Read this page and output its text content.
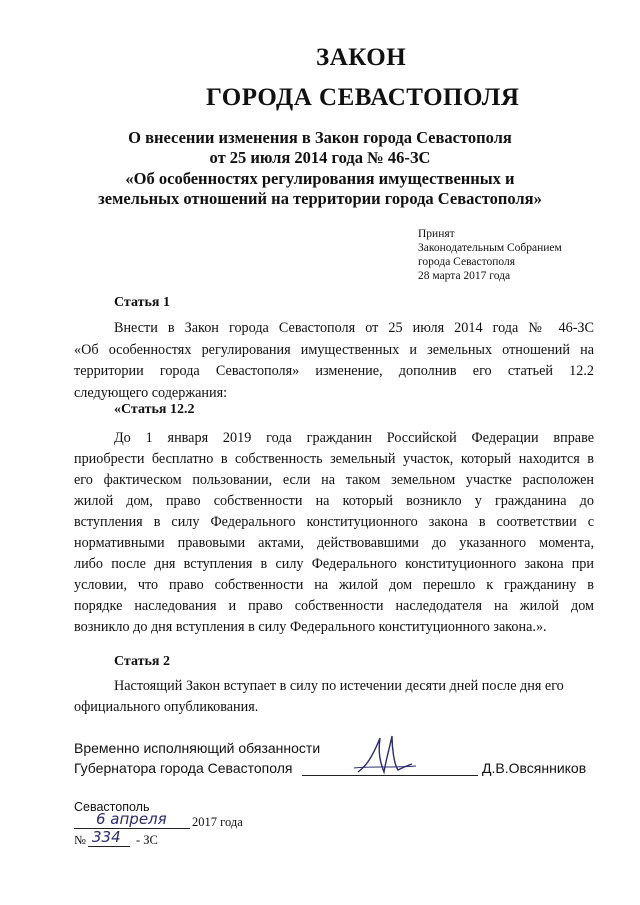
ЗАКОН
ГОРОДА СЕВАСТОПОЛЯ
О внесении изменения в Закон города Севастополя
от 25 июля 2014 года № 46-ЗС
«Об особенностях регулирования имущественных и
земельных отношений на территории города Севастополя»
Принят
Законодательным Собранием
города Севастополя
28 марта 2017 года
Статья 1
Внести в Закон города Севастополя от 25 июля 2014 года № 46-ЗС
«Об особенностях регулирования имущественных и земельных отношений на
территории города Севастополя» изменение, дополнив его статьей 12.2
следующего содержания:
«Статья 12.2
До 1 января 2019 года гражданин Российской Федерации вправе
приобрести бесплатно в собственность земельный участок, который находится в
его фактическом пользовании, если на таком земельном участке расположен
жилой дом, право собственности на который возникло у гражданина до
вступления в силу Федерального конституционного закона в соответствии с
нормативными правовыми актами, действовавшими до указанного момента,
либо после дня вступления в силу Федерального конституционного закона при
условии, что право собственности на жилой дом перешло к гражданину в
порядке наследования и право собственности наследодателя на жилой дом
возникло до дня вступления в силу Федерального конституционного закона.».
Статья 2
Настоящий Закон вступает в силу по истечении десяти дней после дня его
официального опубликования.
Временно исполняющий обязанности
Губернатора города Севастополя	Д.В.Овсянников
Севастополь
6 апреля 2017 года
№ 334 - ЗС
